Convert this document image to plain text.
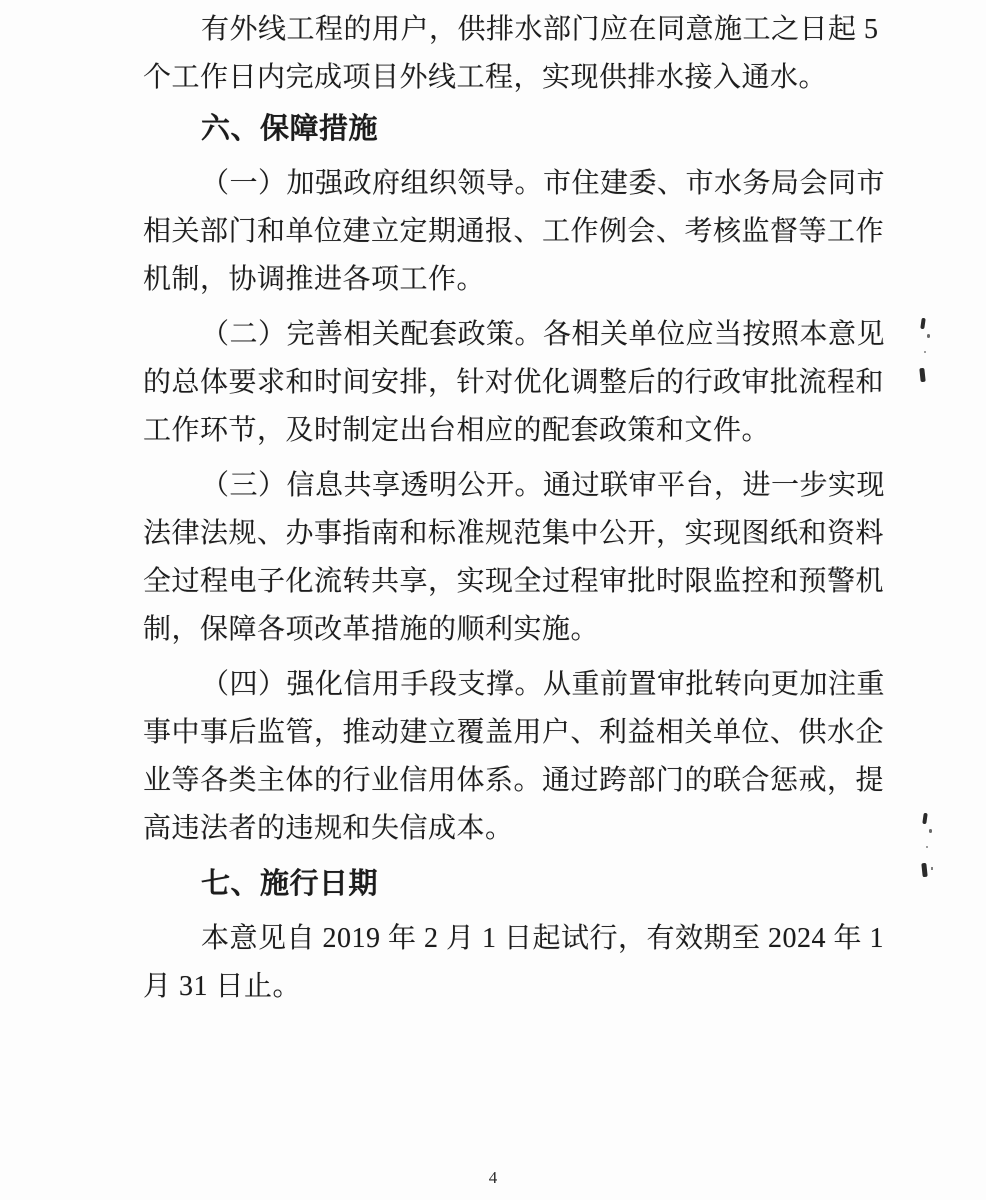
有外线工程的用户，供排水部门应在同意施工之日起 5
个工作日内完成项目外线工程，实现供排水接入通水。
六、保障措施
（一）加强政府组织领导。市住建委、市水务局会同市
相关部门和单位建立定期通报、工作例会、考核监督等工作
机制，协调推进各项工作。
（二）完善相关配套政策。各相关单位应当按照本意见
的总体要求和时间安排，针对优化调整后的行政审批流程和
工作环节，及时制定出台相应的配套政策和文件。
（三）信息共享透明公开。通过联审平台，进一步实现
法律法规、办事指南和标准规范集中公开，实现图纸和资料
全过程电子化流转共享，实现全过程审批时限监控和预警机
制，保障各项改革措施的顺利实施。
（四）强化信用手段支撑。从重前置审批转向更加注重
事中事后监管，推动建立覆盖用户、利益相关单位、供水企
业等各类主体的行业信用体系。通过跨部门的联合惩戒，提
高违法者的违规和失信成本。
七、施行日期
本意见自 2019 年 2 月 1 日起试行，有效期至 2024 年 1
月 31 日止。
4
